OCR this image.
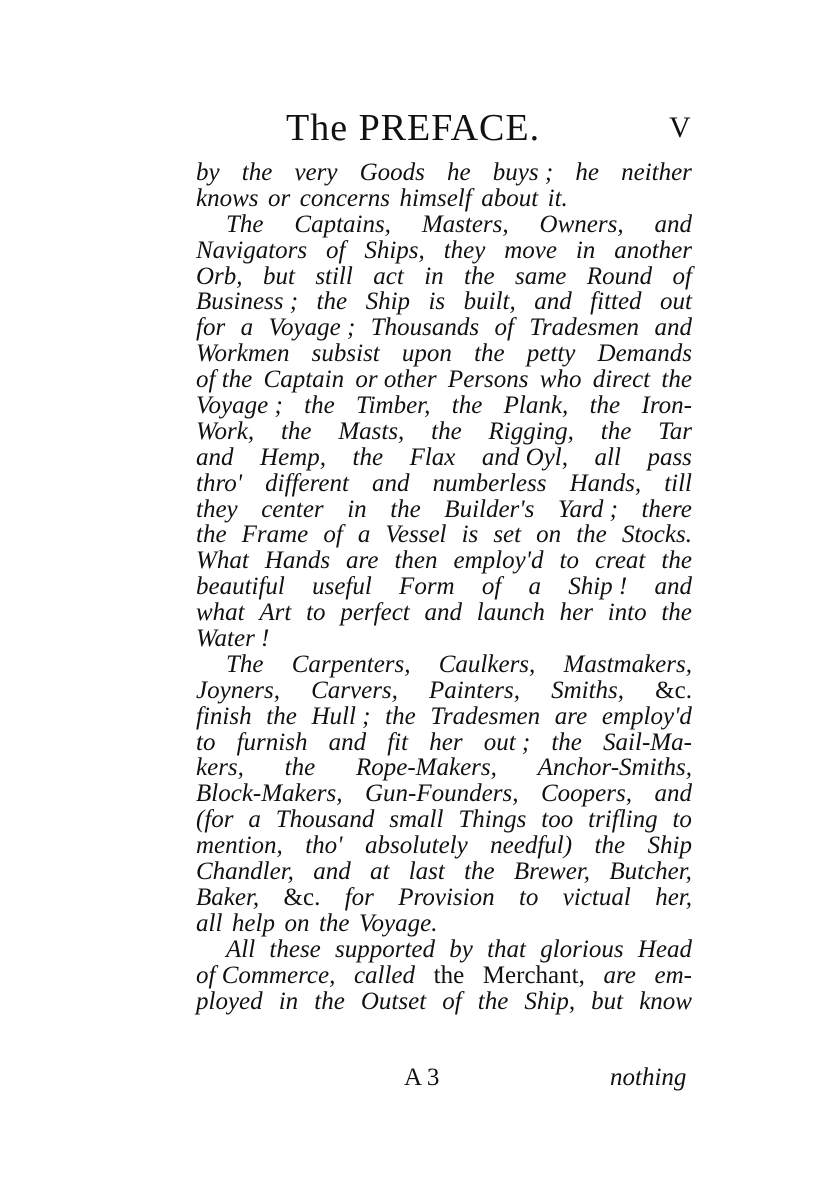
The PREFACE.	V
by the very Goods he buys ; he neither
knows or concerns himself about it.
The Captains, Masters, Owners, and
Navigators of Ships, they move in another
Orb, but still act in the same Round of
Business ; the Ship is built, and fitted out
for a Voyage ; Thousands of Tradesmen and
Workmen subsist upon the petty Demands
of the Captain or other Persons who direct the
Voyage ; the Timber, the Plank, the Iron-
Work, the Masts, the Rigging, the Tar
and Hemp, the Flax and Oyl, all pass
thro' different and numberless Hands, till
they center in the Builder's Yard ; there
the Frame of a Vessel is set on the Stocks.
What Hands are then employ'd to creat the
beautiful useful Form of a Ship ! and
what Art to perfect and launch her into the
Water !
The Carpenters, Caulkers, Mastmakers,
Joyners, Carvers, Painters, Smiths, &c.
finish the Hull ; the Tradesmen are employ'd
to furnish and fit her out ; the Sail-Ma-
kers, the Rope-Makers, Anchor-Smiths,
Block-Makers, Gun-Founders, Coopers, and
(for a Thousand small Things too trifling to
mention, tho' absolutely needful) the Ship
Chandler, and at last the Brewer, Butcher,
Baker, &c. for Provision to victual her,
all help on the Voyage.
All these supported by that glorious Head
of Commerce, called the Merchant, are em-
ployed in the Outset of the Ship, but know
A 3	nothing
